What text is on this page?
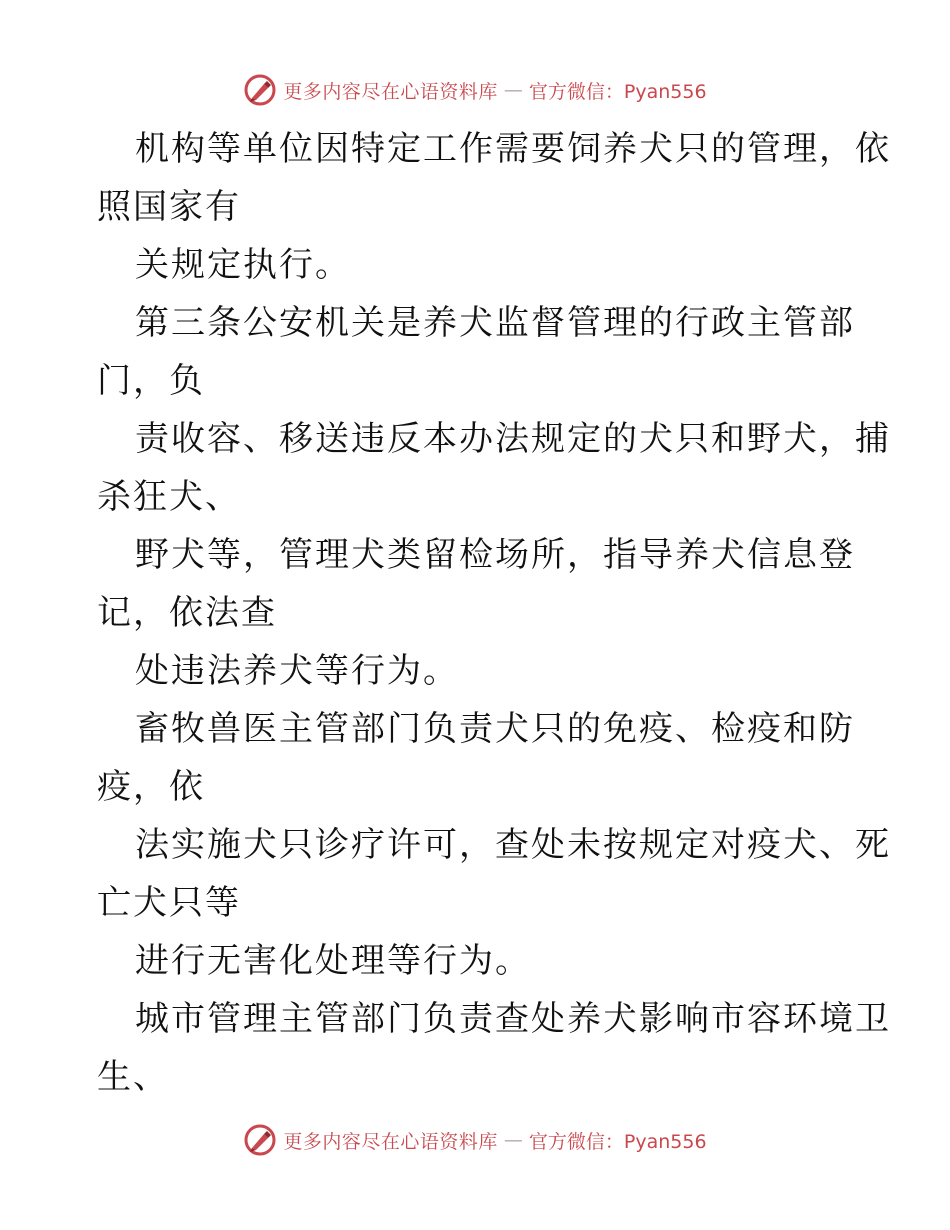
更多内容尽在心语资料库 — 官方微信：Pyan556
机构等单位因特定工作需要饲养犬只的管理，依
照国家有
关规定执行。
第三条公安机关是养犬监督管理的行政主管部
门，负
责收容、移送违反本办法规定的犬只和野犬，捕
杀狂犬、
野犬等，管理犬类留检场所，指导养犬信息登
记，依法查
处违法养犬等行为。
畜牧兽医主管部门负责犬只的免疫、检疫和防
疫，依
法实施犬只诊疗许可，查处未按规定对疫犬、死
亡犬只等
进行无害化处理等行为。
城市管理主管部门负责查处养犬影响市容环境卫
生、
更多内容尽在心语资料库 — 官方微信：Pyan556
